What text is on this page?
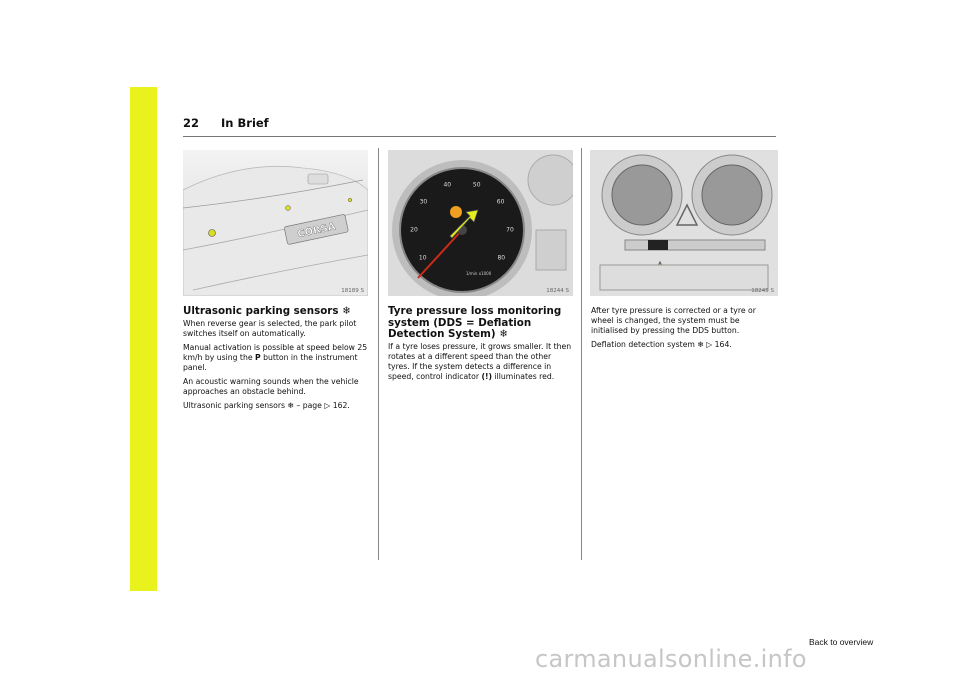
22 In Brief
CORSA
18189 S
10
20
30
40	50
60
70
80
1/min x1000
18244 S	18245 S
Ultrasonic parking sensors ❄

When reverse gear is selected, the park pilot switches itself on automatically.

Manual activation is possible at speed below 25 km/h by using the P button in the instrument panel.

An acoustic warning sounds when the vehicle approaches an obstacle behind.

Ultrasonic parking sensors ❄ – page ▷ 162.

Tyre pressure loss monitoring system (DDS = Deflation Detection System) ❄

If a tyre loses pressure, it grows smaller. It then rotates at a different speed than the other tyres. If the system detects a difference in speed, control indicator (!) illuminates red.

After tyre pressure is corrected or a tyre or wheel is changed, the system must be initialised by pressing the DDS button.

Deflation detection system ❄ ▷ 164.

Back to overview
carmanualsonline.info
